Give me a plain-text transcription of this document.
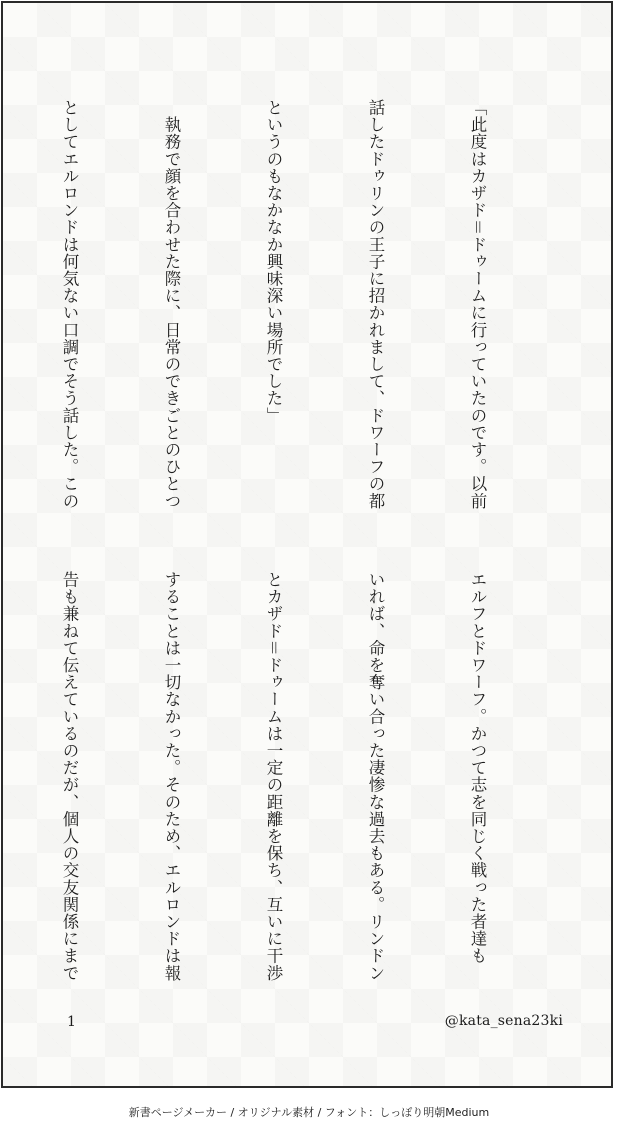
「此度はカザド＝ドゥームに行っていたのです。以前

話したドゥリンの王子に招かれまして、ドワーフの都

というのもなかなか興味深い場所でした」

　執務で顔を合わせた際に、日常のできごとのひとつ

としてエルロンドは何気ない口調でそう話した。この

エルフとドワーフ。かつて志を同じく戦った者達も

いれば、命を奪い合った凄惨な過去もある。リンドン

とカザド＝ドゥームは一定の距離を保ち、互いに干渉

することは一切なかった。そのため、エルロンドは報

告も兼ねて伝えているのだが、個人の交友関係にまで

1	@kata_sena23ki
新書ページメーカー / オリジナル素材 / フォント：しっぽり明朝Medium
